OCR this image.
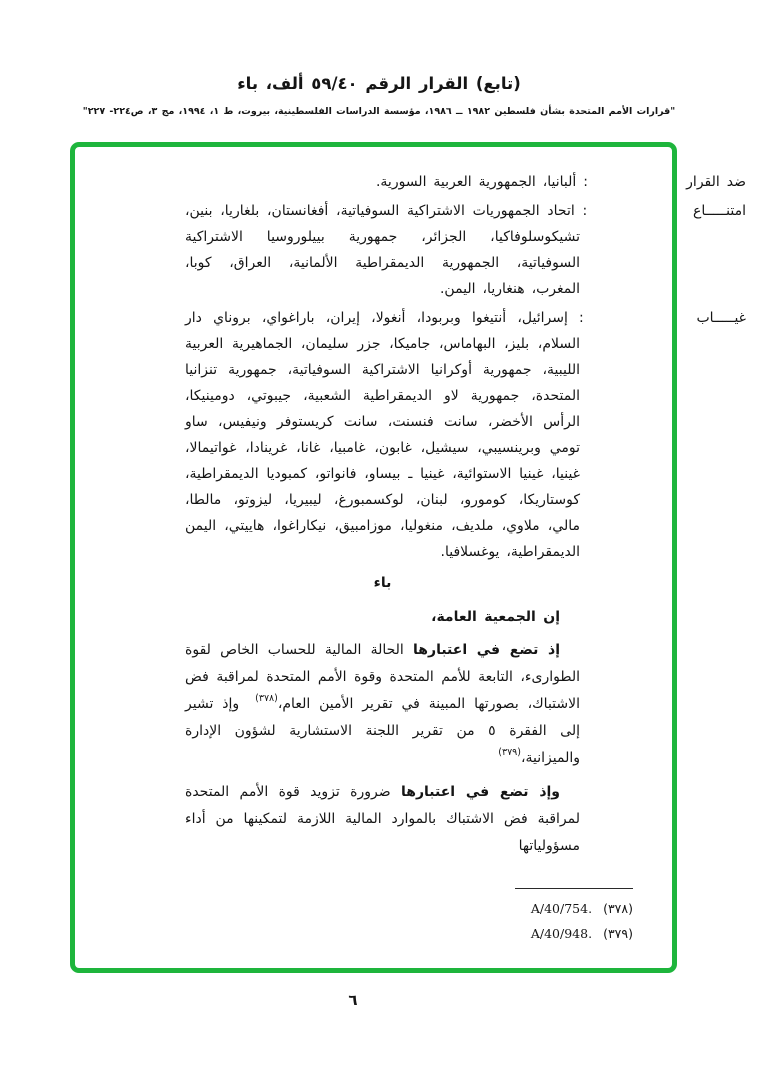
(تابع) القرار الرقم ٥٩/٤٠ ألف، باء
"قرارات الأمم المتحدة بشأن فلسطين ١٩٨٢ ــ ١٩٨٦، مؤسسة الدراسات الفلسطينية، بيروت، ط ١، ١٩٩٤، مج ٣، ص٢٢٤- ٢٢٧"

ضد القرار : ألبانيا، الجمهورية العربية السورية.

امتنـــــاع : اتحاد الجمهوريات الاشتراكية السوفياتية، أفغانستان، بلغاريا، بنين، تشيكوسلوفاكيا، الجزائر، جمهورية بييلوروسيا الاشتراكية السوفياتية، الجمهورية الديمقراطية الألمانية، العراق، كوبا، المغرب، هنغاريا، اليمن.

غيـــــاب : إسرائيل، أنتيغوا وبربودا، أنغولا، إيران، باراغواي، بروناي دار السلام، بليز، البهاماس، جاميكا، جزر سليمان، الجماهيرية العربية الليبية، جمهورية أوكرانيا الاشتراكية السوفياتية، جمهورية تنزانيا المتحدة، جمهورية لاو الديمقراطية الشعبية، جيبوتي، دومينيكا، الرأس الأخضر، سانت فنسنت، سانت كريستوفر ونيفيس، ساو تومي وبرينسيبي، سيشيل، غابون، غامبيا، غانا، غرينادا، غواتيمالا، غينيا، غينيا الاستوائية، غينيا ـ بيساو، فانواتو، كمبوديا الديمقراطية، كوستاريكا، كومورو، لبنان، لوكسمبورغ، ليبيريا، ليزوتو، مالطا، مالي، ملاوي، ملديف، منغوليا، موزامبيق، نيكاراغوا، هاييتي، اليمن الديمقراطية، يوغسلافيا.

باء

إن الجمعية العامة،

إذ تضع في اعتبارها الحالة المالية للحساب الخاص لقوة الطوارىء، التابعة للأمم المتحدة وقوة الأمم المتحدة لمراقبة فض الاشتباك، بصورتها المبينة في تقرير الأمين العام،$^{(٣٧٨)}$وإذ تشير إلى الفقرة ٥ من تقرير اللجنة الاستشارية لشؤون الإدارة والميزانية،$^{(٣٧٩)}$

وإذ تضع في اعتبارها ضرورة تزويد قوة الأمم المتحدة لمراقبة فض الاشتباك بالموارد المالية اللازمة لتمكينها من أداء مسؤولياتها

(٣٧٨)A/40/754.
(٣٧٩)A/40/948.
٦
